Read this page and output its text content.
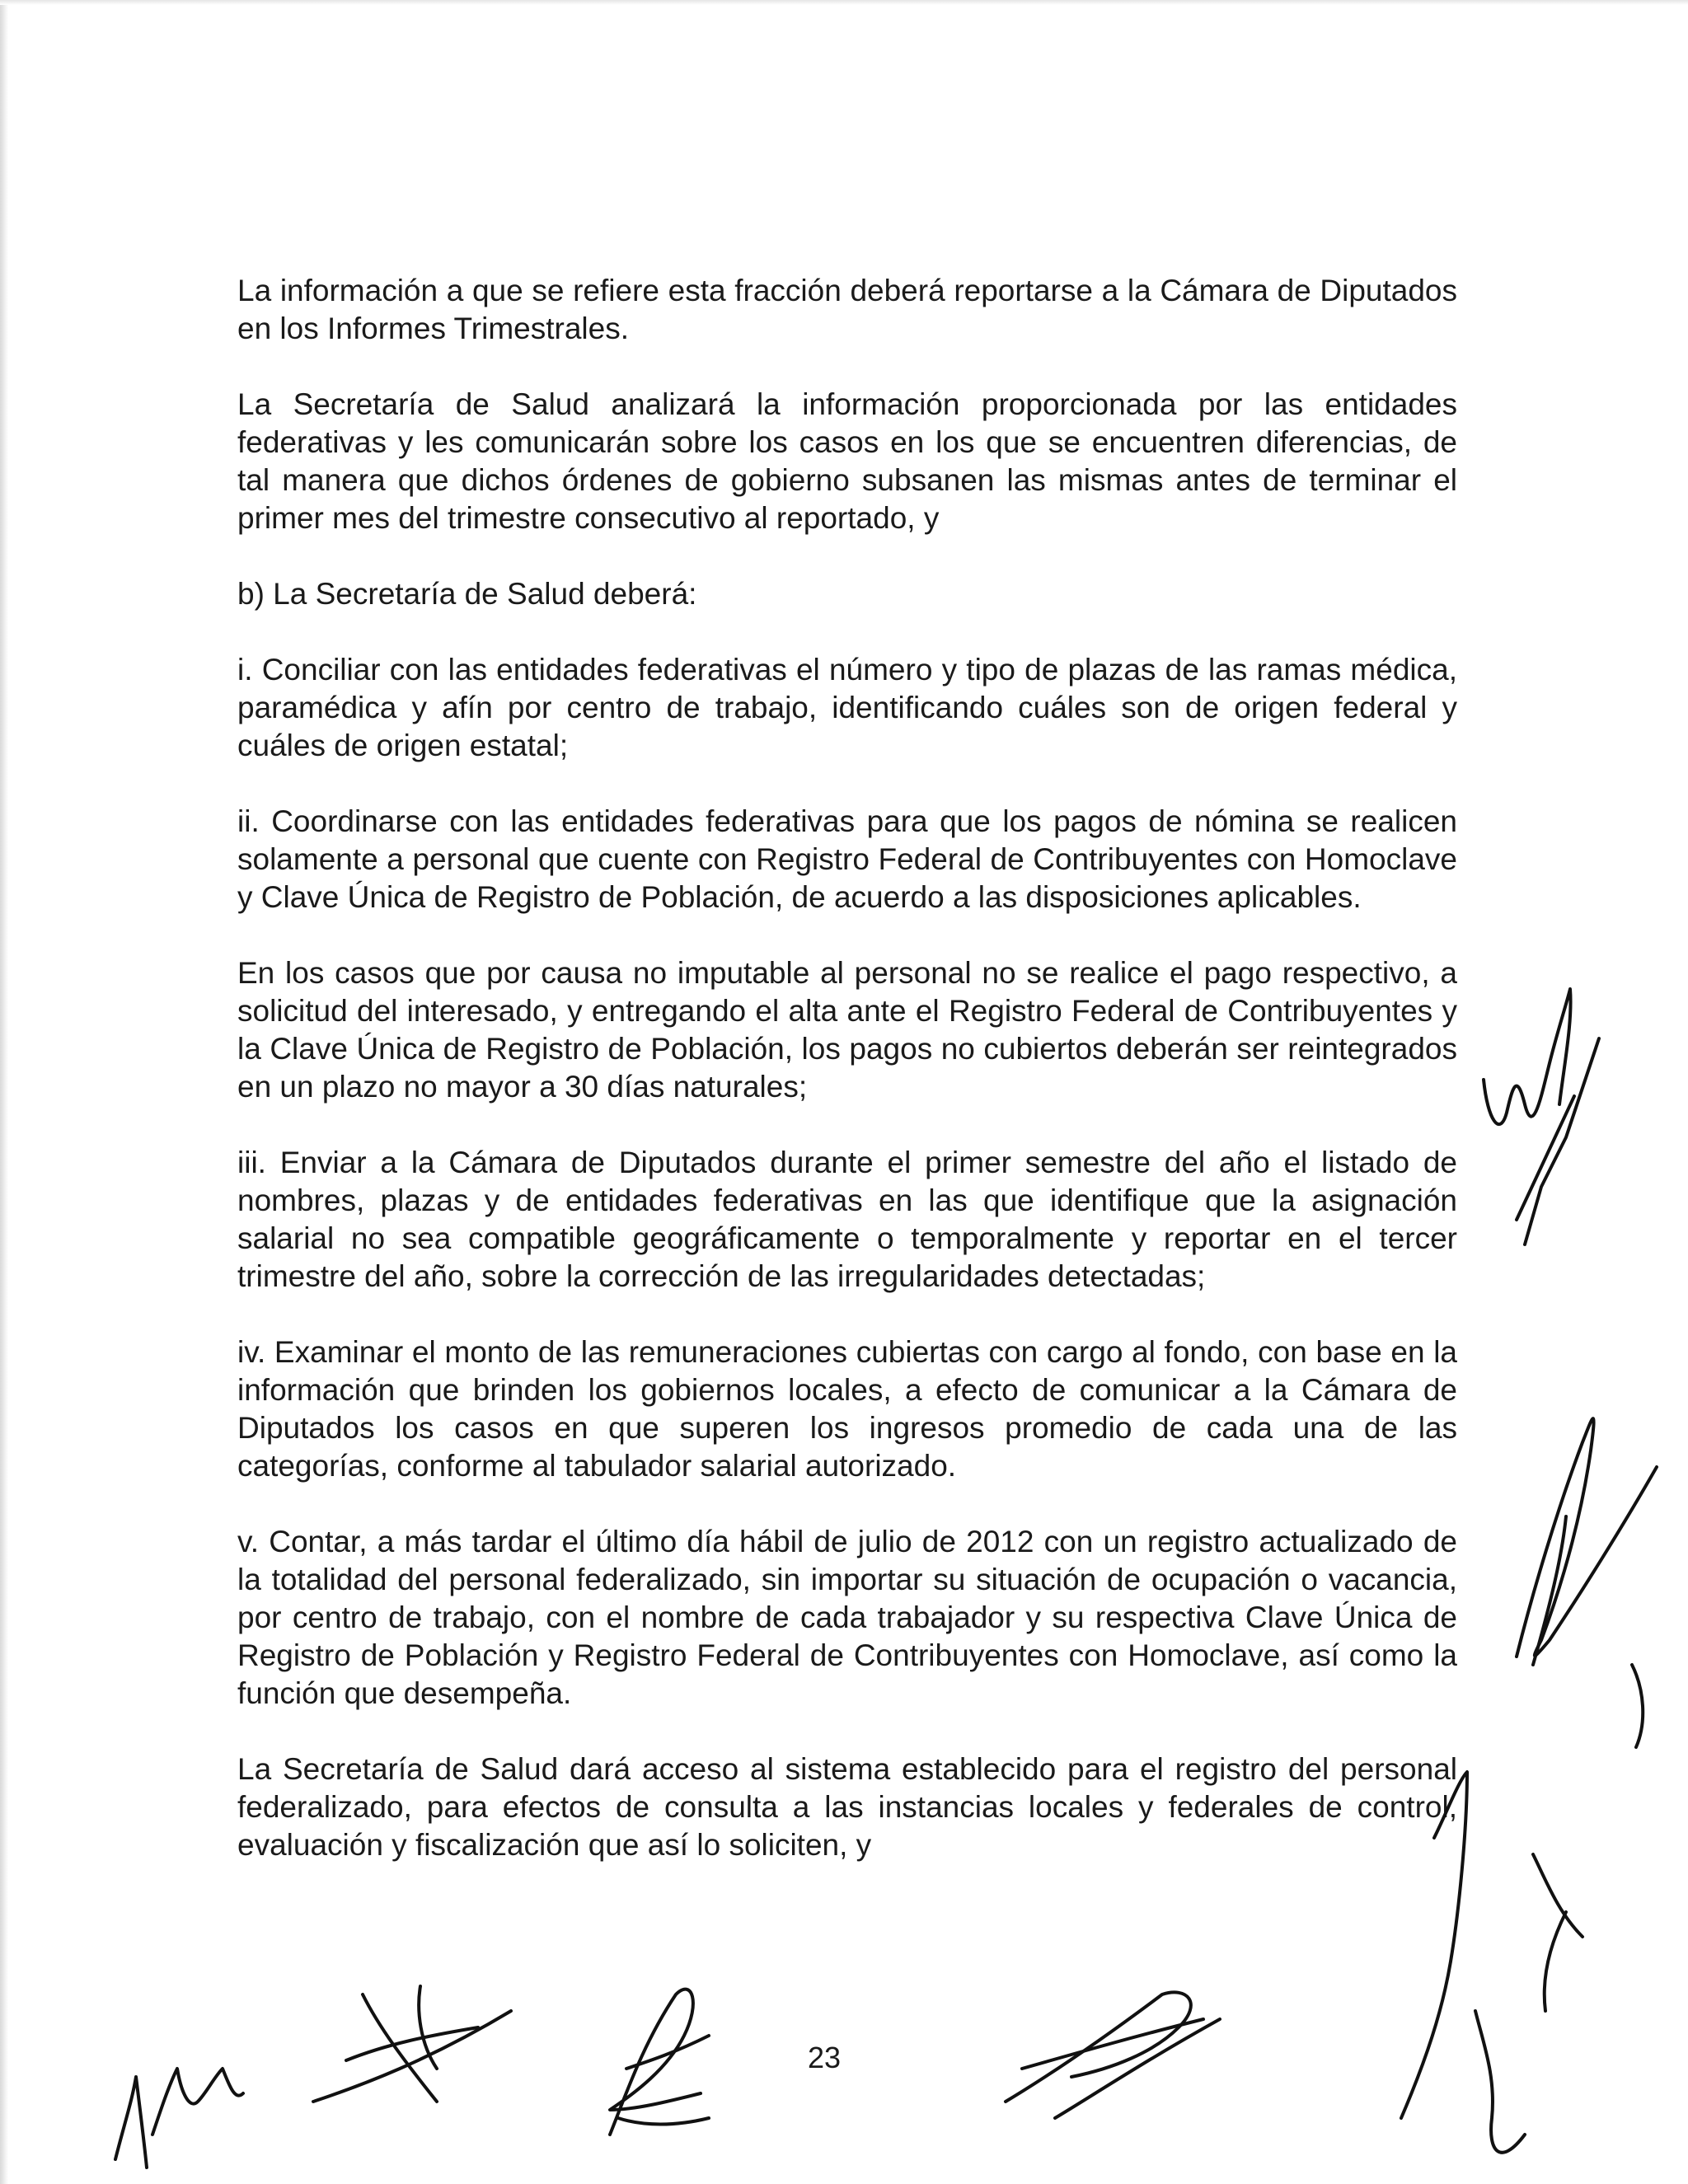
La información a que se refiere esta fracción deberá reportarse a la Cámara de Diputados en los Informes Trimestrales.

La Secretaría de Salud analizará la información proporcionada por las entidades federativas y les comunicarán sobre los casos en los que se encuentren diferencias, de tal manera que dichos órdenes de gobierno subsanen las mismas antes de terminar el primer mes del trimestre consecutivo al reportado, y

b) La Secretaría de Salud deberá:

i. Conciliar con las entidades federativas el número y tipo de plazas de las ramas médica, paramédica y afín por centro de trabajo, identificando cuáles son de origen federal y cuáles de origen estatal;

ii. Coordinarse con las entidades federativas para que los pagos de nómina se realicen solamente a personal que cuente con Registro Federal de Contribuyentes con Homoclave y Clave Única de Registro de Población, de acuerdo a las disposiciones aplicables.

En los casos que por causa no imputable al personal no se realice el pago respectivo, a solicitud del interesado, y entregando el alta ante el Registro Federal de Contribuyentes y la Clave Única de Registro de Población, los pagos no cubiertos deberán ser reintegrados en un plazo no mayor a 30 días naturales;

iii. Enviar a la Cámara de Diputados durante el primer semestre del año el listado de nombres, plazas y de entidades federativas en las que identifique que la asignación salarial no sea compatible geográficamente o temporalmente y reportar en el tercer trimestre del año, sobre la corrección de las irregularidades detectadas;

iv. Examinar el monto de las remuneraciones cubiertas con cargo al fondo, con base en la información que brinden los gobiernos locales, a efecto de comunicar a la Cámara de Diputados los casos en que superen los ingresos promedio de cada una de las categorías, conforme al tabulador salarial autorizado.

v. Contar, a más tardar el último día hábil de julio de 2012 con un registro actualizado de la totalidad del personal federalizado, sin importar su situación de ocupación o vacancia, por centro de trabajo, con el nombre de cada trabajador y su respectiva Clave Única de Registro de Población y Registro Federal de Contribuyentes con Homoclave, así como la función que desempeña.

La Secretaría de Salud dará acceso al sistema establecido para el registro del personal federalizado, para efectos de consulta a las instancias locales y federales de control, evaluación y fiscalización que así lo soliciten, y

23
